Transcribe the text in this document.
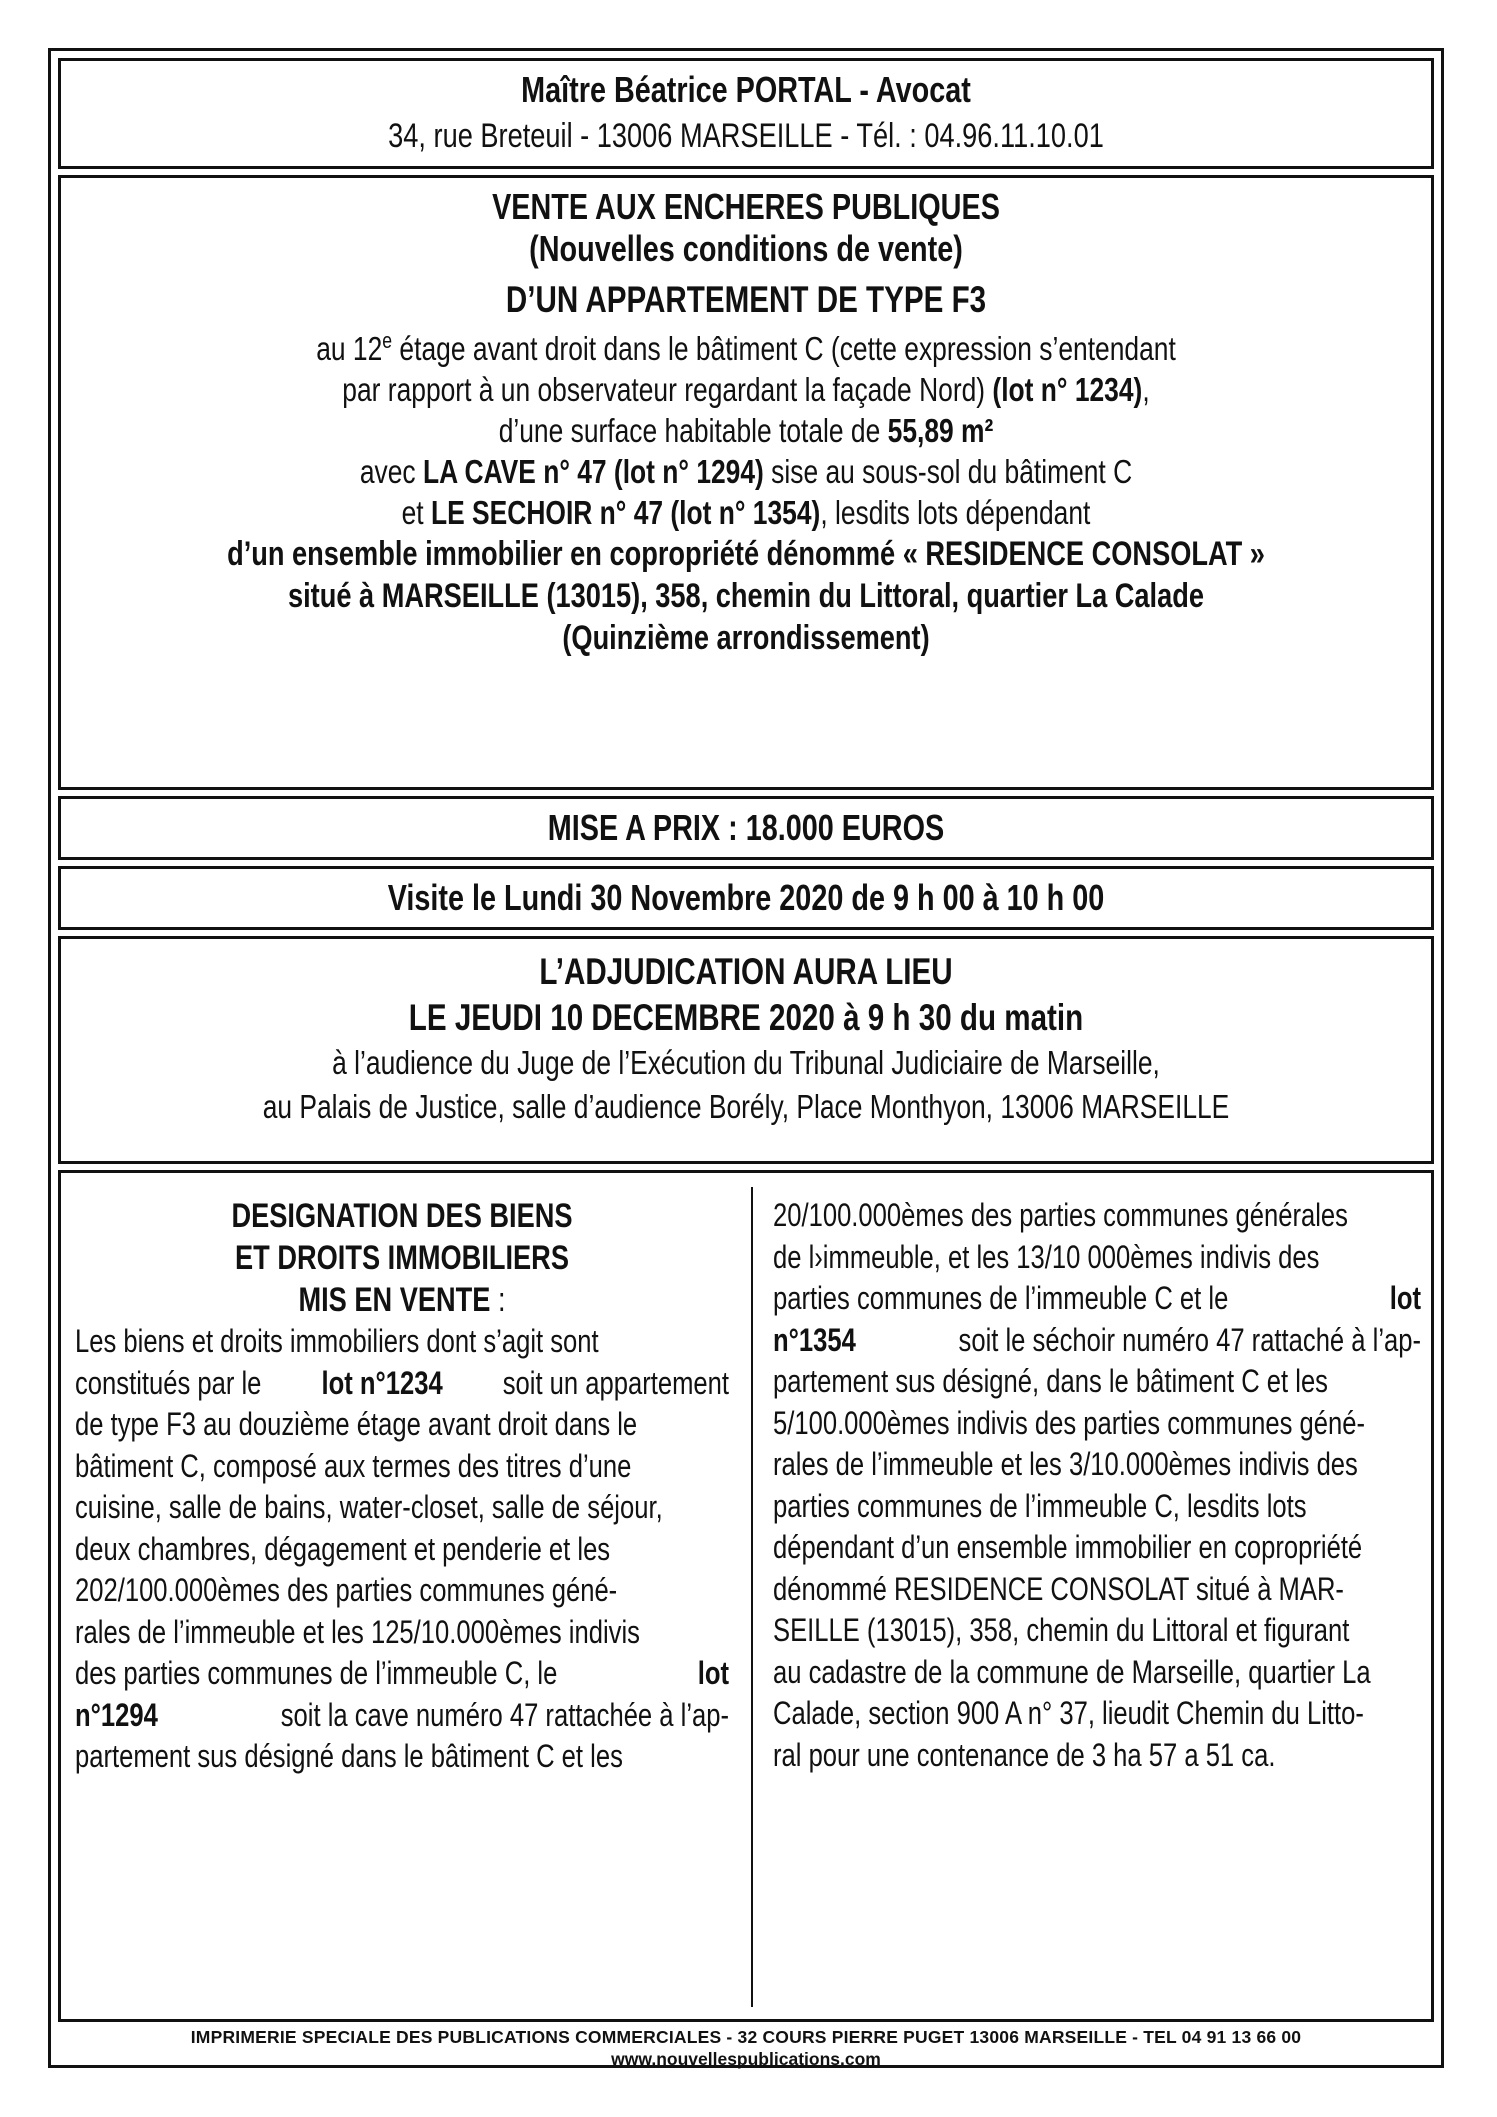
Maître Béatrice PORTAL - Avocat
34, rue Breteuil - 13006 MARSEILLE - Tél. : 04.96.11.10.01
VENTE AUX ENCHERES PUBLIQUES
(Nouvelles conditions de vente)
D’UN APPARTEMENT DE TYPE F3
au 12e étage avant droit dans le bâtiment C (cette expression s’entendant
par rapport à un observateur regardant la façade Nord) (lot n° 1234),
d’une surface habitable totale de 55,89 m²
avec LA CAVE n° 47 (lot n° 1294) sise au sous-sol du bâtiment C
et LE SECHOIR n° 47 (lot n° 1354), lesdits lots dépendant
d’un ensemble immobilier en copropriété dénommé « RESIDENCE CONSOLAT »
situé à MARSEILLE (13015), 358, chemin du Littoral, quartier La Calade
(Quinzième arrondissement)
MISE A PRIX : 18.000 EUROS
Visite le Lundi 30 Novembre 2020 de 9 h 00 à 10 h 00
L’ADJUDICATION AURA LIEU
LE JEUDI 10 DECEMBRE 2020 à 9 h 30 du matin
à l’audience du Juge de l’Exécution du Tribunal Judiciaire de Marseille,
au Palais de Justice, salle d’audience Borély, Place Monthyon, 13006 MARSEILLE
DESIGNATION DES BIENS
ET DROITS IMMOBILIERS
MIS EN VENTE :
Les biens et droits immobiliers dont s’agit sont
constitués par le lot n°1234 soit un appartement
de type F3 au douzième étage avant droit dans le
bâtiment C, composé aux termes des titres d’une
cuisine, salle de bains, water-closet, salle de séjour,
deux chambres, dégagement et penderie et les
202/100.000èmes des parties communes géné-
rales de l’immeuble et les 125/10.000èmes indivis
des parties communes de l’immeuble C, le	lot
n°1294	soit la cave numéro 47 rattachée à l’ap-
partement sus désigné dans le bâtiment C et les
20/100.000èmes des parties communes générales
de l›immeuble, et les 13/10 000èmes indivis des
parties communes de l’immeuble C et le	lot
n°1354	soit le séchoir numéro 47 rattaché à l’ap-
partement sus désigné, dans le bâtiment C et les
5/100.000èmes indivis des parties communes géné-
rales de l’immeuble et les 3/10.000èmes indivis des
parties communes de l’immeuble C, lesdits lots
dépendant d’un ensemble immobilier en copropriété
dénommé RESIDENCE CONSOLAT situé à MAR-
SEILLE (13015), 358, chemin du Littoral et figurant
au cadastre de la commune de Marseille, quartier La
Calade, section 900 A n° 37, lieudit Chemin du Litto-
ral pour une contenance de 3 ha 57 a 51 ca.
IMPRIMERIE SPECIALE DES PUBLICATIONS COMMERCIALES - 32 COURS PIERRE PUGET 13006 MARSEILLE - TEL 04 91 13 66 00
www.nouvellespublications.com
